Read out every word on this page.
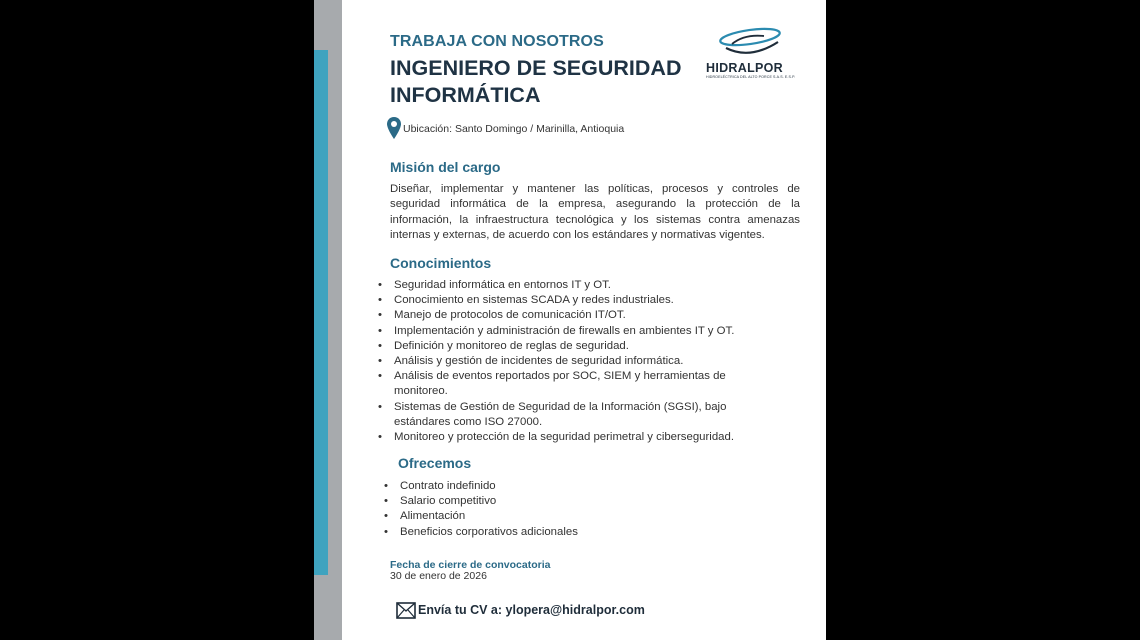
TRABAJA CON NOSOTROS
INGENIERO DE SEGURIDAD INFORMÁTICA
HIDRALPOR
HIDROELÉCTRICA DEL ALTO PORCE S.A.S. E.S.P.
Ubicación: Santo Domingo / Marinilla, Antioquia
Misión del cargo
Diseñar, implementar y mantener las políticas, procesos y controles de seguridad informática de la empresa, asegurando la protección de la información, la infraestructura tecnológica y los sistemas contra amenazas internas y externas, de acuerdo con los estándares y normativas vigentes.
Conocimientos
• Seguridad informática en entornos IT y OT.
• Conocimiento en sistemas SCADA y redes industriales.
• Manejo de protocolos de comunicación IT/OT.
• Implementación y administración de firewalls en ambientes IT y OT.
• Definición y monitoreo de reglas de seguridad.
• Análisis y gestión de incidentes de seguridad informática.
• Análisis de eventos reportados por SOC, SIEM y herramientas de monitoreo.
• Sistemas de Gestión de Seguridad de la Información (SGSI), bajo estándares como ISO 27000.
• Monitoreo y protección de la seguridad perimetral y ciberseguridad.
Ofrecemos
• Contrato indefinido
• Salario competitivo
• Alimentación
• Beneficios corporativos adicionales
Fecha de cierre de convocatoria
30 de enero de 2026
Envía tu CV a: ylopera@hidralpor.com
